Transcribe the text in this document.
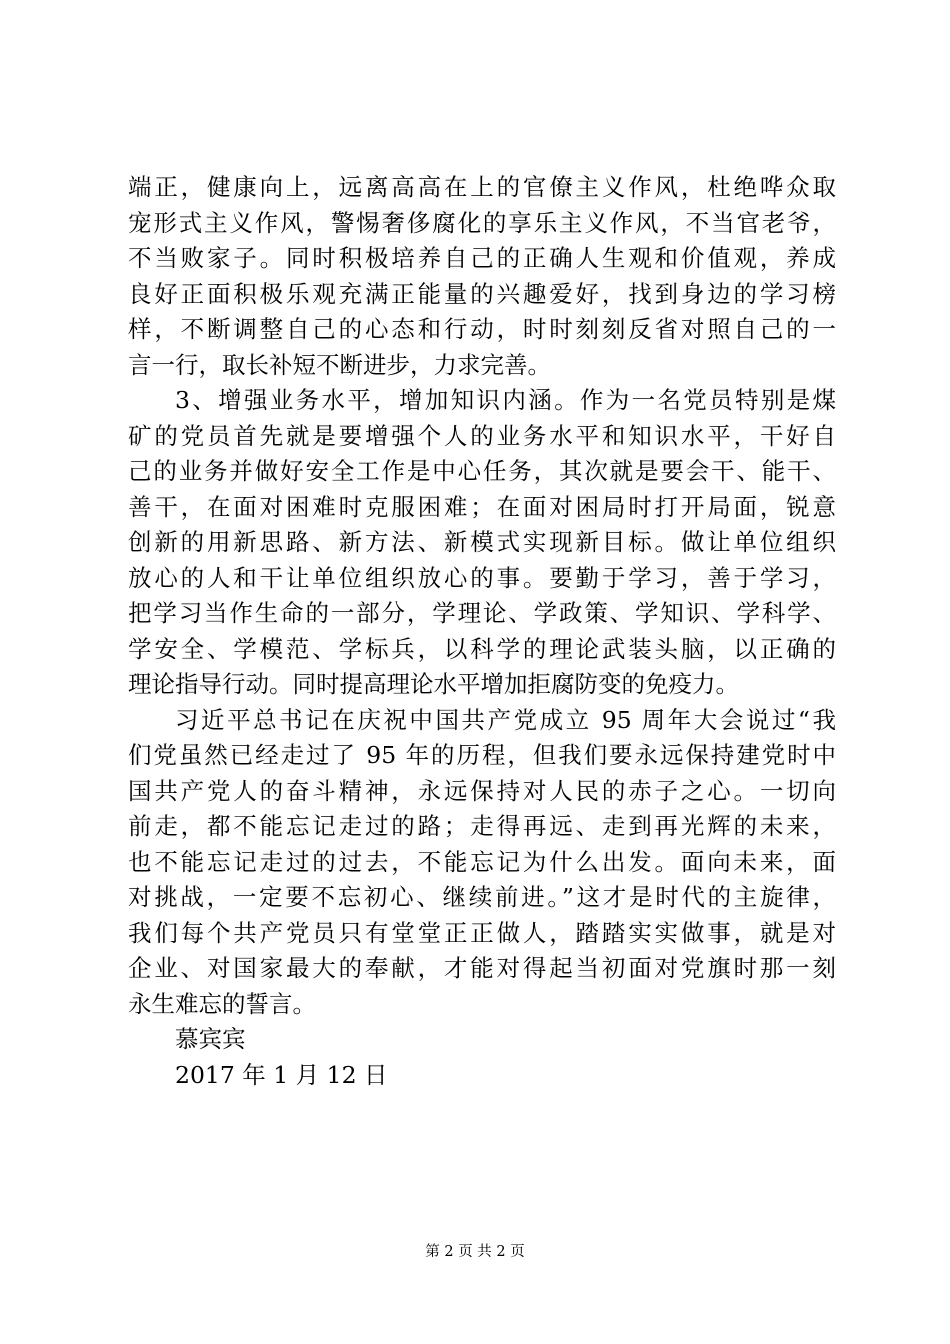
端正，健康向上，远离高高在上的官僚主义作风，杜绝哗众取
宠形式主义作风，警惕奢侈腐化的享乐主义作风，不当官老爷，
不当败家子。同时积极培养自己的正确人生观和价值观，养成
良好正面积极乐观充满正能量的兴趣爱好，找到身边的学习榜
样，不断调整自己的心态和行动，时时刻刻反省对照自己的一
言一行，取长补短不断进步，力求完善。
3、增强业务水平，增加知识内涵。作为一名党员特别是煤
矿的党员首先就是要增强个人的业务水平和知识水平，干好自
己的业务并做好安全工作是中心任务，其次就是要会干、能干、
善干，在面对困难时克服困难；在面对困局时打开局面，锐意
创新的用新思路、新方法、新模式实现新目标。做让单位组织
放心的人和干让单位组织放心的事。要勤于学习，善于学习，
把学习当作生命的一部分，学理论、学政策、学知识、学科学、
学安全、学模范、学标兵，以科学的理论武装头脑，以正确的
理论指导行动。同时提高理论水平增加拒腐防变的免疫力。
习近平总书记在庆祝中国共产党成立 95 周年大会说过“我
们党虽然已经走过了 95 年的历程，但我们要永远保持建党时中
国共产党人的奋斗精神，永远保持对人民的赤子之心。一切向
前走，都不能忘记走过的路；走得再远、走到再光辉的未来，
也不能忘记走过的过去，不能忘记为什么出发。面向未来，面
对挑战，一定要不忘初心、继续前进。”这才是时代的主旋律，
我们每个共产党员只有堂堂正正做人，踏踏实实做事，就是对
企业、对国家最大的奉献，才能对得起当初面对党旗时那一刻
永生难忘的誓言。
慕宾宾
2017 年 1 月 12 日
第 2 页 共 2 页
